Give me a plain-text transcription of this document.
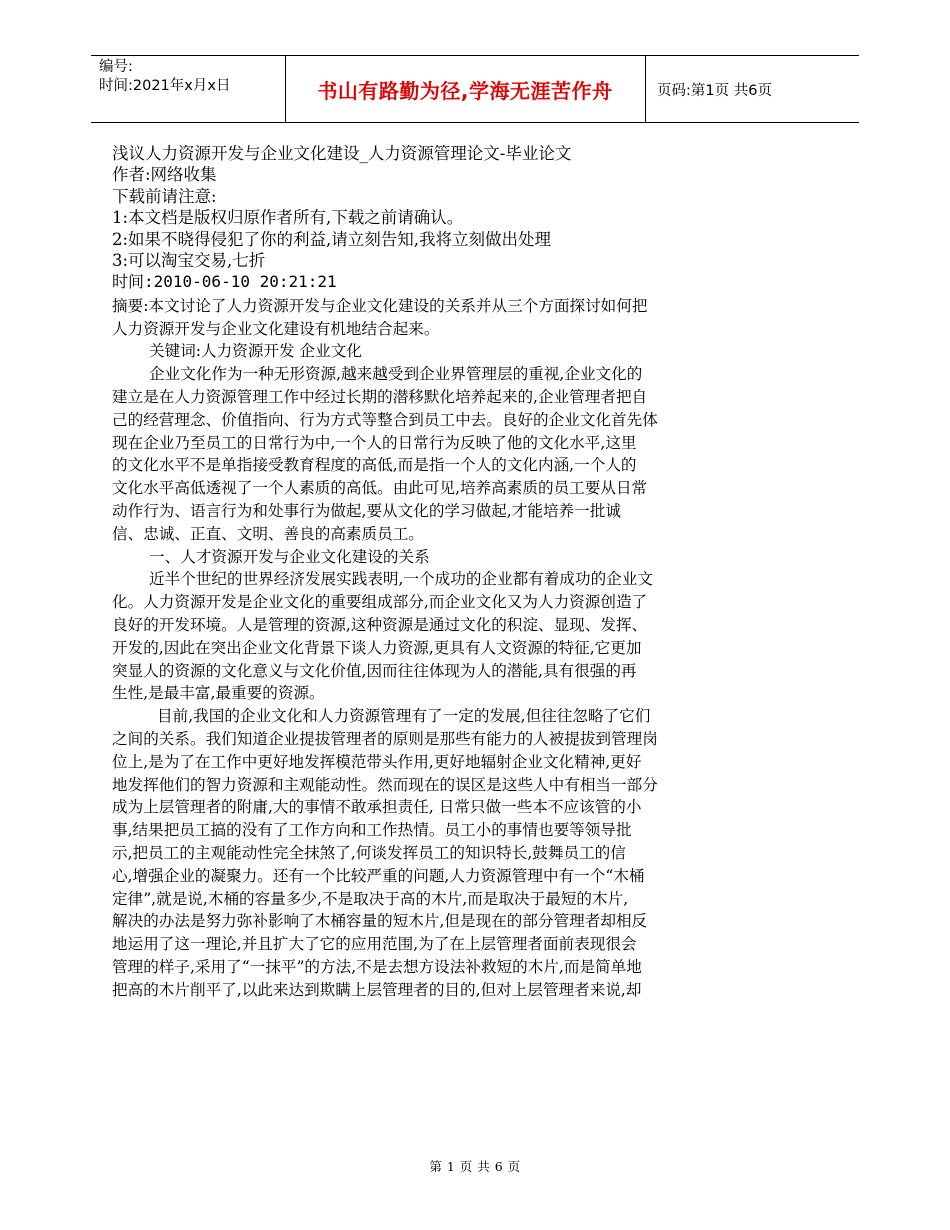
编号:
时间:2021年x月x日	书山有路勤为径,学海无涯苦作舟	页码:第1页 共6页
浅议人力资源开发与企业文化建设_人力资源管理论文-毕业论文
作者:网络收集
下载前请注意:
1:本文档是版权归原作者所有,下载之前请确认。
2:如果不晓得侵犯了你的利益,请立刻告知,我将立刻做出处理
3:可以淘宝交易,七折
时间:2010-06-10 20:21:21
摘要:本文讨论了人力资源开发与企业文化建设的关系并从三个方面探讨如何把
人力资源开发与企业文化建设有机地结合起来。
关键词:人力资源开发 企业文化
企业文化作为一种无形资源,越来越受到企业界管理层的重视,企业文化的
建立是在人力资源管理工作中经过长期的潜移默化培养起来的,企业管理者把自
己的经营理念、价值指向、行为方式等整合到员工中去。良好的企业文化首先体
现在企业乃至员工的日常行为中,一个人的日常行为反映了他的文化水平,这里
的文化水平不是单指接受教育程度的高低,而是指一个人的文化内涵,一个人的
文化水平高低透视了一个人素质的高低。由此可见,培养高素质的员工要从日常
动作行为、语言行为和处事行为做起,要从文化的学习做起,才能培养一批诚
信、忠诚、正直、文明、善良的高素质员工。
一、人才资源开发与企业文化建设的关系
近半个世纪的世界经济发展实践表明,一个成功的企业都有着成功的企业文
化。人力资源开发是企业文化的重要组成部分,而企业文化又为人力资源创造了
良好的开发环境。人是管理的资源,这种资源是通过文化的积淀、显现、发挥、
开发的,因此在突出企业文化背景下谈人力资源,更具有人文资源的特征,它更加
突显人的资源的文化意义与文化价值,因而往往体现为人的潜能,具有很强的再
生性,是最丰富,最重要的资源。
目前,我国的企业文化和人力资源管理有了一定的发展,但往往忽略了它们
之间的关系。我们知道企业提拔管理者的原则是那些有能力的人被提拔到管理岗
位上,是为了在工作中更好地发挥模范带头作用,更好地辐射企业文化精神,更好
地发挥他们的智力资源和主观能动性。然而现在的误区是这些人中有相当一部分
成为上层管理者的附庸,大的事情不敢承担责任, 日常只做一些本不应该管的小
事,结果把员工搞的没有了工作方向和工作热情。员工小的事情也要等领导批
示,把员工的主观能动性完全抹煞了,何谈发挥员工的知识特长,鼓舞员工的信
心,增强企业的凝聚力。还有一个比较严重的问题,人力资源管理中有一个“木桶
定律”,就是说,木桶的容量多少,不是取决于高的木片,而是取决于最短的木片,
解决的办法是努力弥补影响了木桶容量的短木片,但是现在的部分管理者却相反
地运用了这一理论,并且扩大了它的应用范围,为了在上层管理者面前表现很会
管理的样子,采用了“一抹平”的方法,不是去想方设法补救短的木片,而是简单地
把高的木片削平了,以此来达到欺瞒上层管理者的目的,但对上层管理者来说,却
第 1 页 共 6 页
